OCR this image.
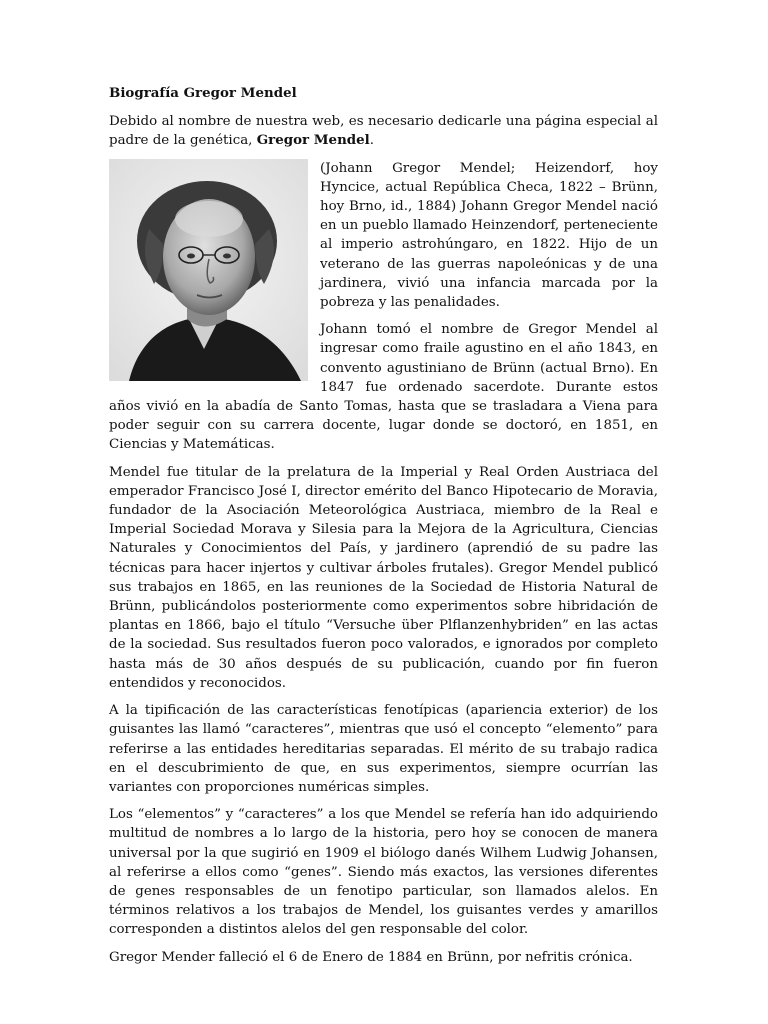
Biografía Gregor Mendel

Debido al nombre de nuestra web, es necesario dedicarle una página especial al padre de la genética, Gregor Mendel.

(Johann Gregor Mendel; Heizendorf, hoy Hyncice, actual República Checa, 1822 – Brünn, hoy Brno, id., 1884) Johann Gregor Mendel nació en un pueblo llamado Heinzendorf, perteneciente al imperio astrohúngaro, en 1822. Hijo de un veterano de las guerras napoleónicas y de una jardinera, vivió una infancia marcada por la pobreza y las penalidades.

Johann tomó el nombre de Gregor Mendel al ingresar como fraile agustino en el año 1843, en convento agustiniano de Brünn (actual Brno). En 1847 fue ordenado sacerdote. Durante estos años vivió en la abadía de Santo Tomas, hasta que se trasladara a Viena para poder seguir con su carrera docente, lugar donde se doctoró, en 1851, en Ciencias y Matemáticas.

Mendel fue titular de la prelatura de la Imperial y Real Orden Austriaca del emperador Francisco José I, director emérito del Banco Hipotecario de Moravia, fundador de la Asociación Meteorológica Austriaca, miembro de la Real e Imperial Sociedad Morava y Silesia para la Mejora de la Agricultura, Ciencias Naturales y Conocimientos del País, y jardinero (aprendió de su padre las técnicas para hacer injertos y cultivar árboles frutales). Gregor Mendel publicó sus trabajos en 1865, en las reuniones de la Sociedad de Historia Natural de Brünn, publicándolos posteriormente como experimentos sobre hibridación de plantas en 1866, bajo el título “Versuche über Plflanzenhybriden” en las actas de la sociedad. Sus resultados fueron poco valorados, e ignorados por completo hasta más de 30 años después de su publicación, cuando por fin fueron entendidos y reconocidos.

A la tipificación de las características fenotípicas (apariencia exterior) de los guisantes las llamó “caracteres”, mientras que usó el concepto “elemento” para referirse a las entidades hereditarias separadas. El mérito de su trabajo radica en el descubrimiento de que, en sus experimentos, siempre ocurrían las variantes con proporciones numéricas simples.

Los “elementos” y “caracteres” a los que Mendel se refería han ido adquiriendo multitud de nombres a lo largo de la historia, pero hoy se conocen de manera universal por la que sugirió en 1909 el biólogo danés Wilhem Ludwig Johansen, al referirse a ellos como “genes”. Siendo más exactos, las versiones diferentes de genes responsables de un fenotipo particular, son llamados alelos. En términos relativos a los trabajos de Mendel, los guisantes verdes y amarillos corresponden a distintos alelos del gen responsable del color.

Gregor Mender falleció el 6 de Enero de 1884 en Brünn, por nefritis crónica.
